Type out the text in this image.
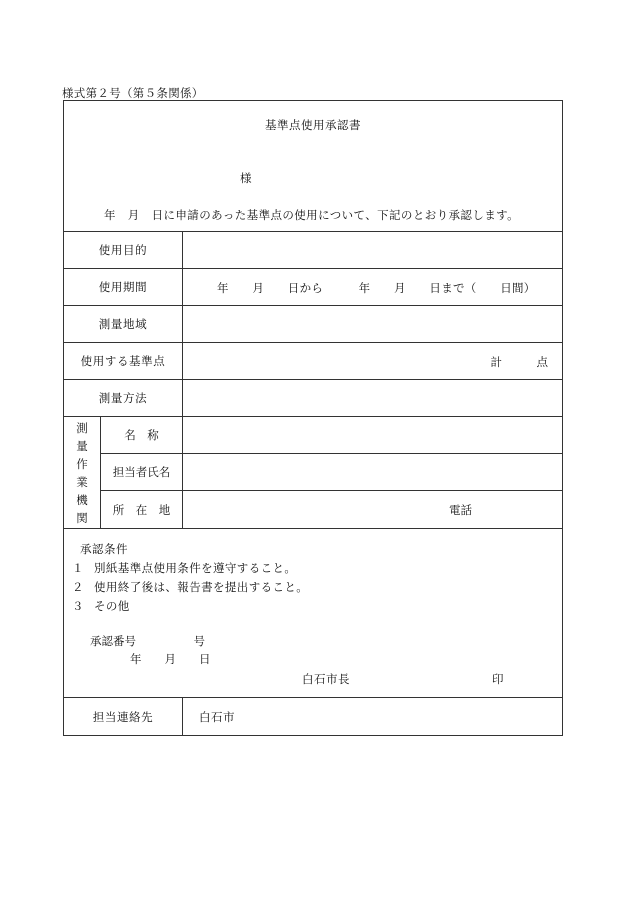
様式第２号（第５条関係）
基準点使用承認書
様
年　月　日に申請のあった基準点の使用について、下記のとおり承認します。
使用目的
使用期間	年　　月　　日から　　　年　　月　　日まで（　　日間）
測量地域
使用する基準点	計　　　点
測量方法
測量作業機関
名　称
担当者氏名
所　在　地	電話
承認条件
１ 別紙基準点使用条件を遵守すること。
２ 使用終了後は、報告書を提出すること。
３ その他
承認番号　　　　　号
年　　月　　日
白石市長	印
担当連絡先	白石市
